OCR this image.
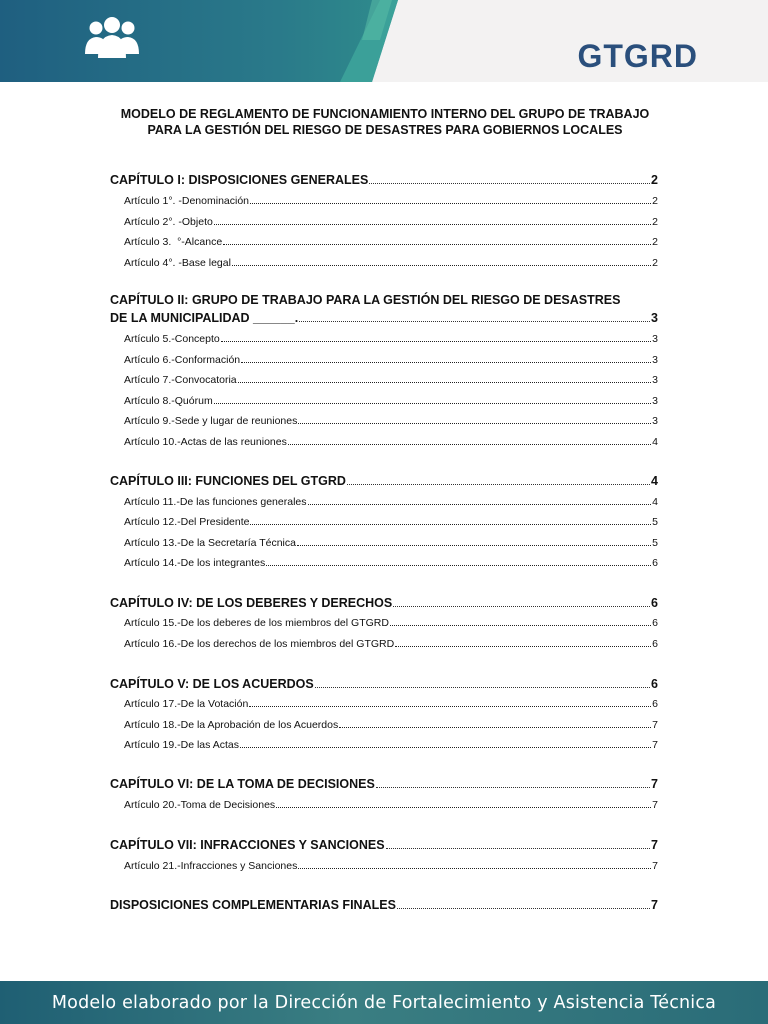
GTGRD
MODELO DE REGLAMENTO DE FUNCIONAMIENTO INTERNO DEL GRUPO DE TRABAJO
PARA LA GESTIÓN DEL RIESGO DE DESASTRES PARA GOBIERNOS LOCALES
CAPÍTULO I: DISPOSICIONES GENERALES	2
Artículo 1°. -Denominación	2
Artículo 2°. -Objeto	2
Artículo 3.  °-Alcance	2
Artículo 4°. -Base legal	2
CAPÍTULO II: GRUPO DE TRABAJO PARA LA GESTIÓN DEL RIESGO DE DESASTRES
DE LA MUNICIPALIDAD ______.	3
Artículo 5.-Concepto	3
Artículo 6.-Conformación	3
Artículo 7.-Convocatoria	3
Artículo 8.-Quórum	3
Artículo 9.-Sede y lugar de reuniones	3
Artículo 10.-Actas de las reuniones	4
CAPÍTULO III: FUNCIONES DEL GTGRD	4
Artículo 11.-De las funciones generales	4
Artículo 12.-Del Presidente	5
Artículo 13.-De la Secretaría Técnica	5
Artículo 14.-De los integrantes	6
CAPÍTULO IV: DE LOS DEBERES Y DERECHOS	6
Artículo 15.-De los deberes de los miembros del GTGRD	6
Artículo 16.-De los derechos de los miembros del GTGRD	6
CAPÍTULO V: DE LOS ACUERDOS	6
Artículo 17.-De la Votación	6
Artículo 18.-De la Aprobación de los Acuerdos	7
Artículo 19.-De las Actas	7
CAPÍTULO VI: DE LA TOMA DE DECISIONES	7
Artículo 20.-Toma de Decisiones	7
CAPÍTULO VII: INFRACCIONES Y SANCIONES	7
Artículo 21.-Infracciones y Sanciones	7
DISPOSICIONES COMPLEMENTARIAS FINALES	7
Modelo elaborado por la Dirección de Fortalecimiento y Asistencia Técnica
